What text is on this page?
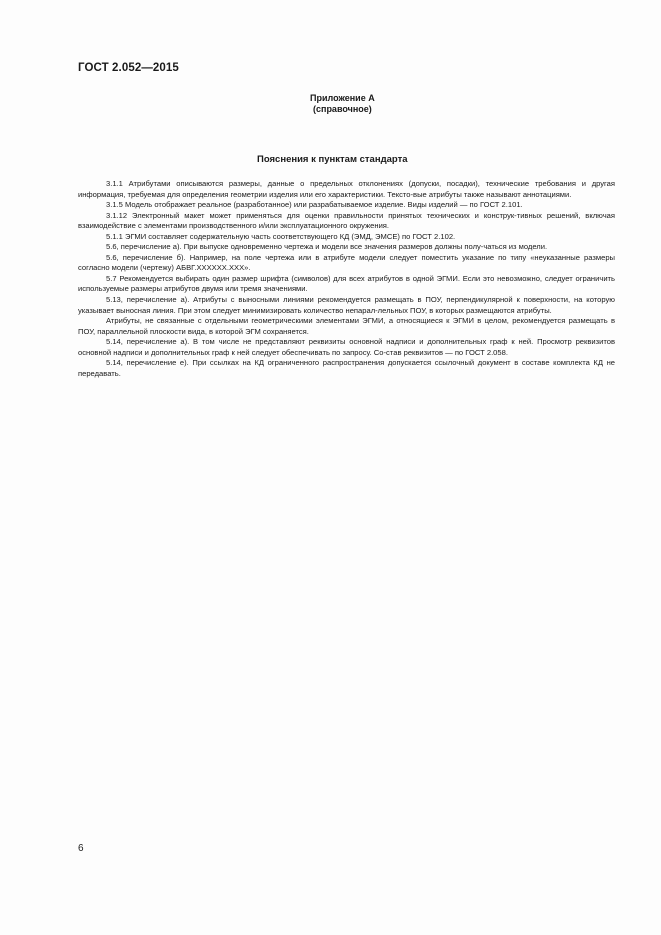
ГОСТ 2.052—2015
Приложение А
(справочное)
Пояснения к пунктам стандарта

3.1.1 Атрибутами описываются размеры, данные о предельных отклонениях (допуски, посадки), технические требования и другая информация, требуемая для определения геометрии изделия или его характеристики. Тексто-вые атрибуты также называют аннотациями.

3.1.5 Модель отображает реальное (разработанное) или разрабатываемое изделие. Виды изделий — по ГОСТ 2.101.

3.1.12 Электронный макет может применяться для оценки правильности принятых технических и конструк-тивных решений, включая взаимодействие с элементами производственного и/или эксплуатационного окружения.

5.1.1 ЭГМИ составляет содержательную часть соответствующего КД (ЭМД, ЭМСЕ) по ГОСТ 2.102.

5.6, перечисление а). При выпуске одновременно чертежа и модели все значения размеров должны полу-чаться из модели.

5.6, перечисление б). Например, на поле чертежа или в атрибуте модели следует поместить указание по типу «неуказанные размеры согласно модели (чертежу) АБВГ.XXXXXX.XXX».

5.7 Рекомендуется выбирать один размер шрифта (символов) для всех атрибутов в одной ЭГМИ. Если это невозможно, следует ограничить используемые размеры атрибутов двумя или тремя значениями.

5.13, перечисление а). Атрибуты с выносными линиями рекомендуется размещать в ПОУ, перпендикулярной к поверхности, на которую указывает выносная линия. При этом следует минимизировать количество непарал-лельных ПОУ, в которых размещаются атрибуты.

Атрибуты, не связанные с отдельными геометрическими элементами ЭГМИ, а относящиеся к ЭГМИ в целом, рекомендуется размещать в ПОУ, параллельной плоскости вида, в которой ЭГМ сохраняется.

5.14, перечисление а). В том числе не представляют реквизиты основной надписи и дополнительных граф к ней. Просмотр реквизитов основной надписи и дополнительных граф к ней следует обеспечивать по запросу. Со-став реквизитов — по ГОСТ 2.058.

5.14, перечисление е). При ссылках на КД ограниченного распространения допускается ссылочный документ в составе комплекта КД не передавать.

6
